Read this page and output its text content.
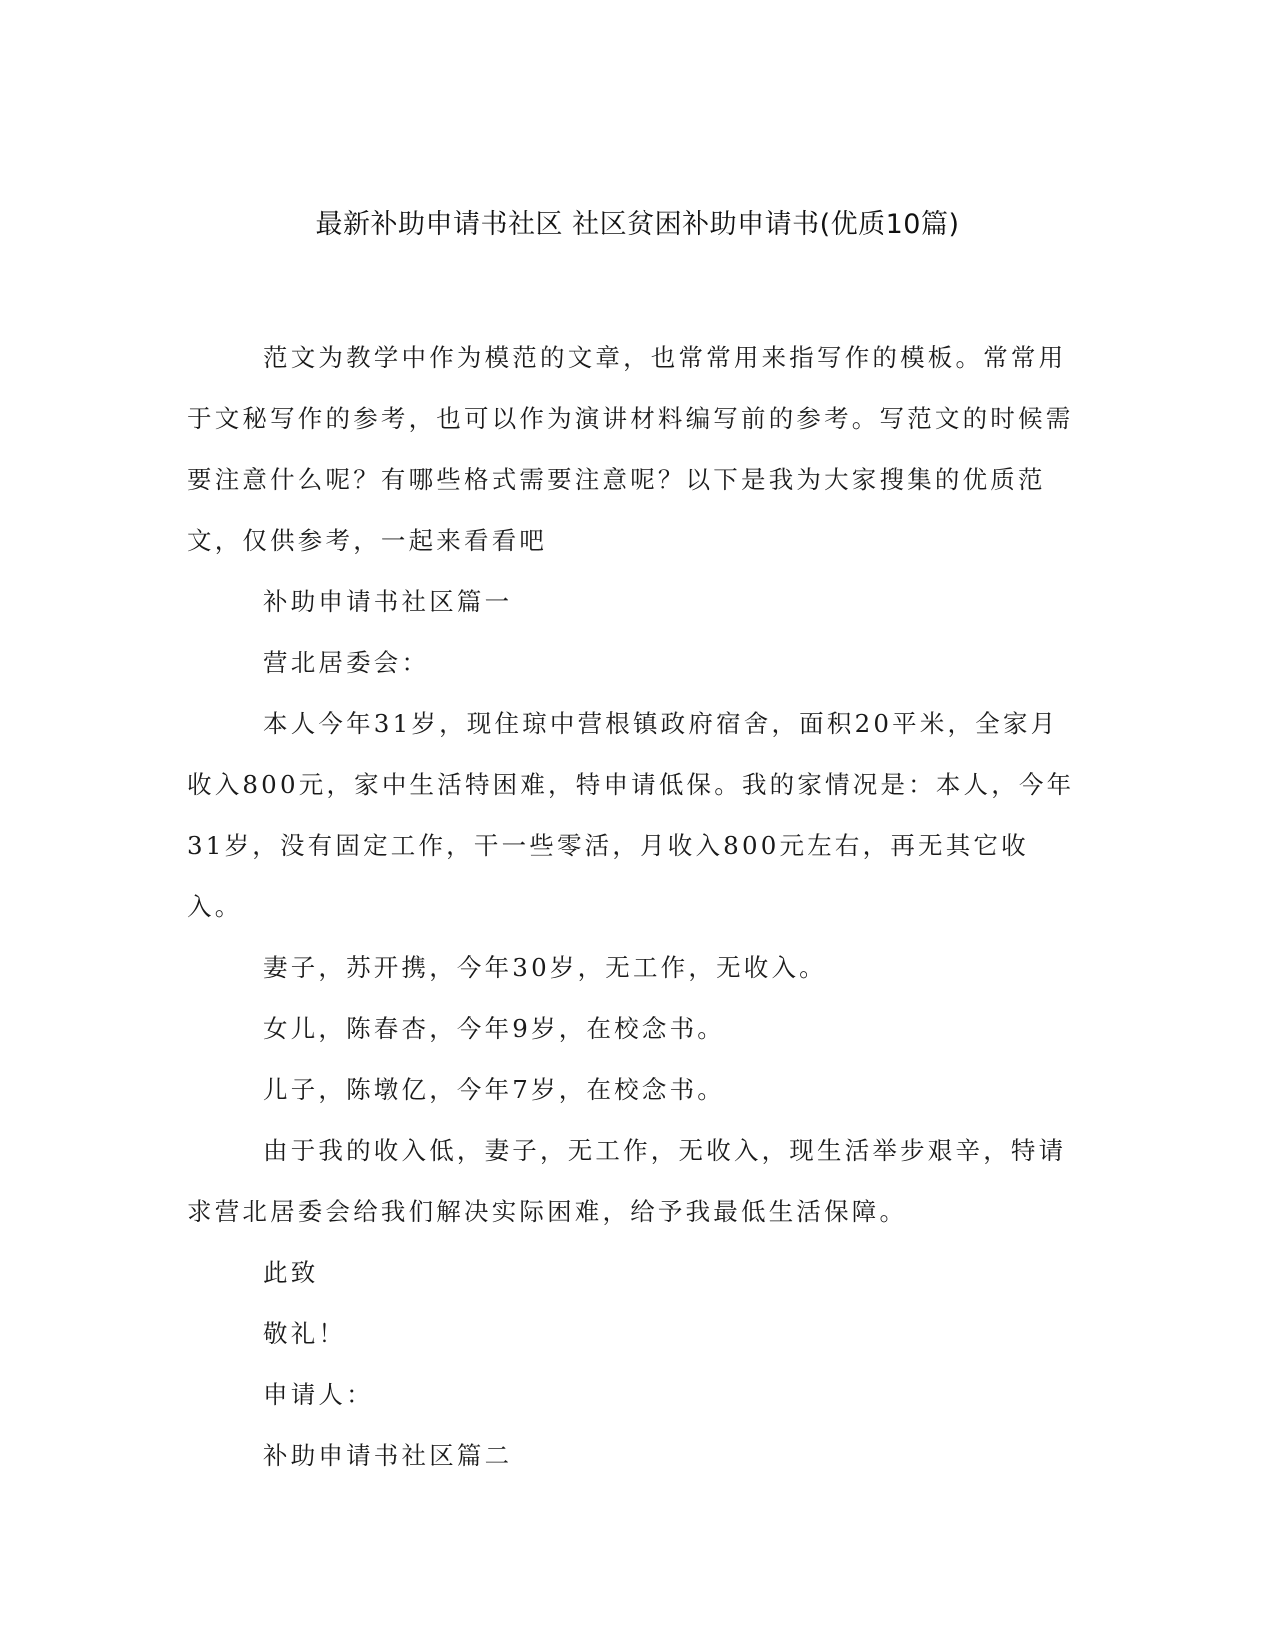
最新补助申请书社区 社区贫困补助申请书(优质10篇)

范文为教学中作为模范的文章，也常常用来指写作的模板。常常用于文秘写作的参考，也可以作为演讲材料编写前的参考。写范文的时候需要注意什么呢？有哪些格式需要注意呢？以下是我为大家搜集的优质范文，仅供参考，一起来看看吧

补助申请书社区篇一

营北居委会：

本人今年31岁，现住琼中营根镇政府宿舍，面积20平米，全家月收入800元，家中生活特困难，特申请低保。我的家情况是：本人，今年31岁，没有固定工作，干一些零活，月收入800元左右，再无其它收入。

妻子，苏开携，今年30岁，无工作，无收入。

女儿，陈春杏，今年9岁，在校念书。

儿子，陈墩亿，今年7岁，在校念书。

由于我的收入低，妻子，无工作，无收入，现生活举步艰辛，特请求营北居委会给我们解决实际困难，给予我最低生活保障。

此致

敬礼！

申请人：

补助申请书社区篇二
